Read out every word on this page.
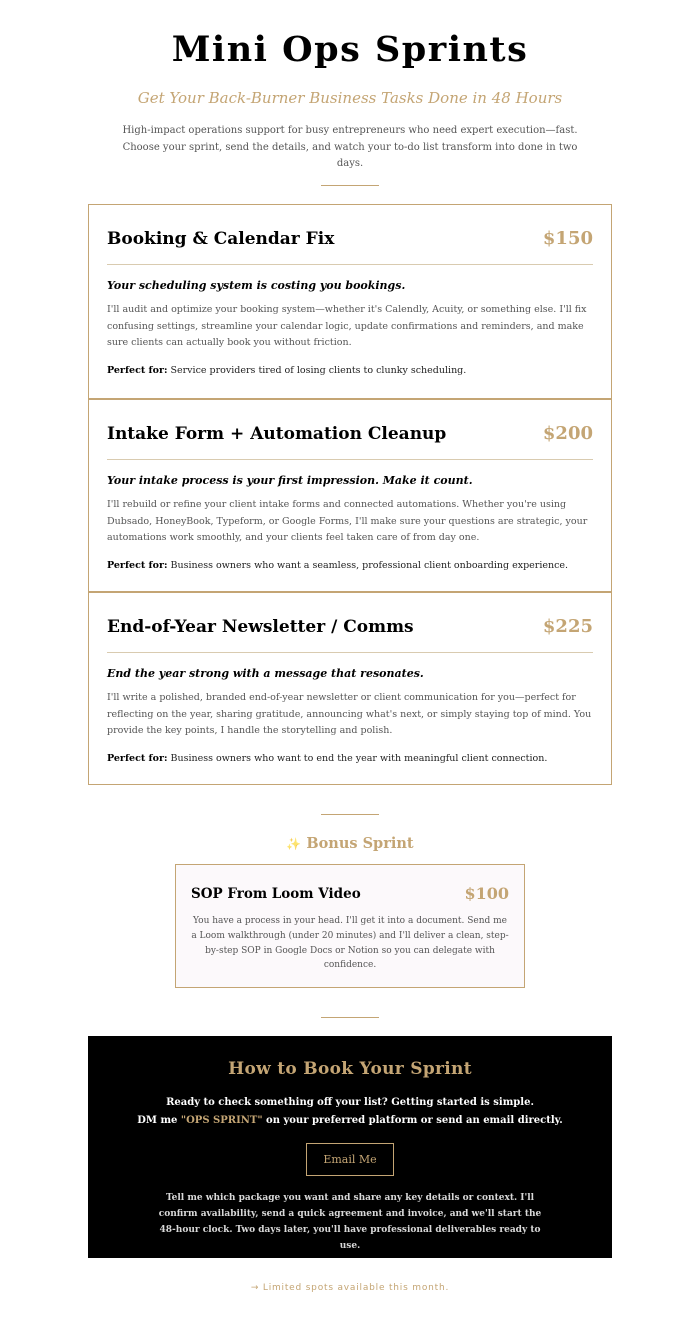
Mini Ops Sprints
Get Your Back-Burner Business Tasks Done in 48 Hours
High-impact operations support for busy entrepreneurs who need expert execution—fast. Choose your sprint, send the details, and watch your to-do list transform into done in two days.
Booking & Calendar Fix	$150
Your scheduling system is costing you bookings.
I'll audit and optimize your booking system—whether it's Calendly, Acuity, or something else. I'll fix confusing settings, streamline your calendar logic, update confirmations and reminders, and make sure clients can actually book you without friction.
Perfect for: Service providers tired of losing clients to clunky scheduling.
Intake Form + Automation Cleanup	$200
Your intake process is your first impression. Make it count.
I'll rebuild or refine your client intake forms and connected automations. Whether you're using Dubsado, HoneyBook, Typeform, or Google Forms, I'll make sure your questions are strategic, your automations work smoothly, and your clients feel taken care of from day one.
Perfect for: Business owners who want a seamless, professional client onboarding experience.
End-of-Year Newsletter / Comms	$225
End the year strong with a message that resonates.
I'll write a polished, branded end-of-year newsletter or client communication for you—perfect for reflecting on the year, sharing gratitude, announcing what's next, or simply staying top of mind. You provide the key points, I handle the storytelling and polish.
Perfect for: Business owners who want to end the year with meaningful client connection.
✨ Bonus Sprint
SOP From Loom Video	$100
You have a process in your head. I'll get it into a document. Send me a Loom walkthrough (under 20 minutes) and I'll deliver a clean, step-by-step SOP in Google Docs or Notion so you can delegate with confidence.
How to Book Your Sprint
Ready to check something off your list? Getting started is simple.
DM me "OPS SPRINT" on your preferred platform or send an email directly.
Email Me
Tell me which package you want and share any key details or context. I'll confirm availability, send a quick agreement and invoice, and we'll start the 48-hour clock. Two days later, you'll have professional deliverables ready to use.
→ Limited spots available this month.
